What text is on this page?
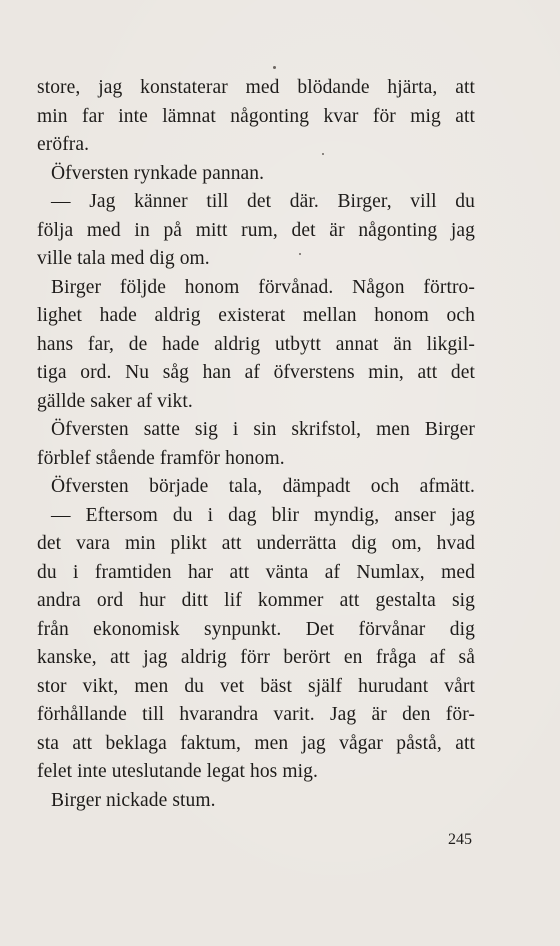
store, jag konstaterar med blödande hjärta, att
min far inte lämnat någonting kvar för mig att
eröfra.
Öfversten rynkade pannan.
— Jag känner till det där. Birger, vill du
följa med in på mitt rum, det är någonting jag
ville tala med dig om.
Birger följde honom förvånad. Någon förtro-
lighet hade aldrig existerat mellan honom och
hans far, de hade aldrig utbytt annat än likgil-
tiga ord. Nu såg han af öfverstens min, att det
gällde saker af vikt.
Öfversten satte sig i sin skrifstol, men Birger
förblef stående framför honom.
Öfversten började tala, dämpadt och afmätt.
— Eftersom du i dag blir myndig, anser jag
det vara min plikt att underrätta dig om, hvad
du i framtiden har att vänta af Numlax, med
andra ord hur ditt lif kommer att gestalta sig
från ekonomisk synpunkt. Det förvånar dig
kanske, att jag aldrig förr berört en fråga af så
stor vikt, men du vet bäst själf hurudant vårt
förhållande till hvarandra varit. Jag är den för-
sta att beklaga faktum, men jag vågar påstå, att
felet inte uteslutande legat hos mig.
Birger nickade stum.
245
